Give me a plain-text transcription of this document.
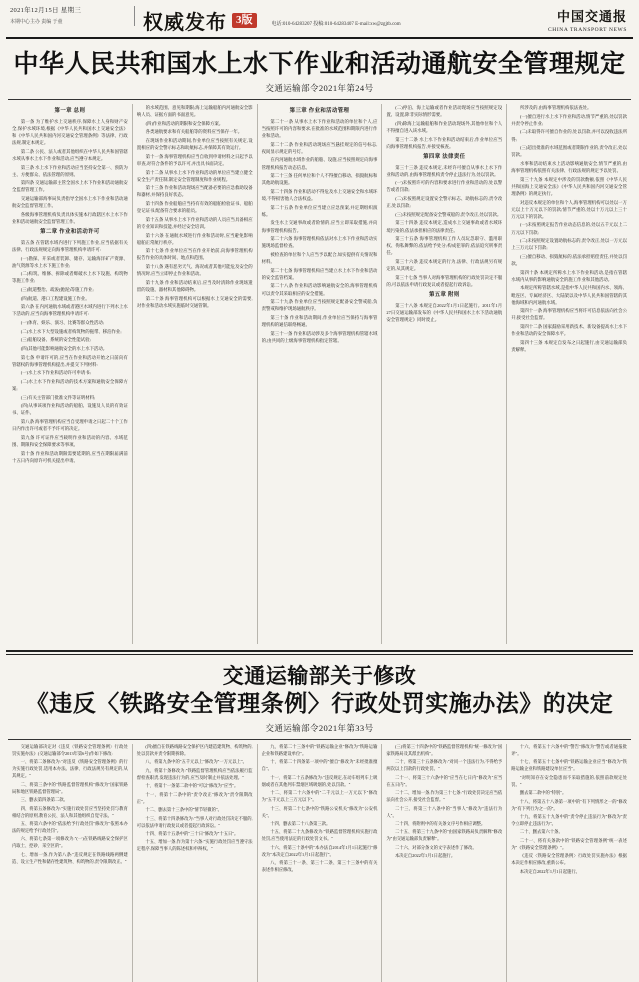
2021年12月15日 星期三
本期中心主办 责编 于童	权威发布 3版	电话:010-64283207 投稿:010-64283407 E-mail:xw@zgjtb.com
中国交通报
CHINA TRANSPORT NEWS
中华人民共和国水上水下作业和活动通航安全管理规定
交通运输部令2021年第24号

第一章 总则

第一条 为了维护水上交通秩序,保障水上人身和财产安全,保护水域环境,根据《中华人民共和国水上交通安全法》和《中华人民共和国内河交通安全管理条例》等法律、行政法规,制定本规定。

第二条 公民、法人或者其他组织在中华人民共和国管辖水域从事水上水下作业和活动,应当遵守本规定。

第三条 水上水下作业和活动应当坚持安全第一、预防为主、方便群众、依法管理的原则。

第四条 交通运输部主管全国水上水下作业和活动通航安全监督管理工作。

交通运输部海事局负责指导全国水上水下作业和活动通航安全监督管理工作。

各级海事管理机构负责具体实施本行政辖区水上水下作业和活动通航安全监督管理工作。

第二章 作业和活动许可

第五条 在管辖水域内进行下列施工作业,应当依据有关法律、行政法规规定向海事管理机构申请许可:

(一)勘探、开采或者装卸、储存、运输海洋矿产资源、油气资源等水上水下施工作业;

(二)构筑、维修、拆除或者爆破水上水下设施、构筑物等施工作业;

(三)航道整治、疏浚(抛泥)等施工作业;

(四)航道、港口工程建设施工作业。

第六条 在内河通航水域或者港区水域内进行下列水上水下活动的,应当向海事管理机构申请许可:

(一)体育、娱乐、演习、比赛等群众性活动;

(二)水上水下大型设施或者构筑物的拖带、移泊作业;

(三)船舶设备、系统的安全性能试验;

(四)其他可能影响通航安全的水上水下活动。

第七条 申请许可的,应当在作业和活动开始之日前向有管辖权的海事管理机构提出,并提交下列材料:

(一)水上水下作业和活动许可申请书;

(二)水上水下作业和活动的技术方案和通航安全保障方案;

(三)有关主管部门批准文件等证明材料;

(四)从事该项作业和活动的船舶、设施及人员的有效证书、证件。

第八条 海事管理机构应当自受理申请之日起二十个工作日内作出许可或者不予许可的决定。

第九条 许可证件应当载明作业和活动的内容、水域范围、期限和安全保障要求等事项。

第十条 作业和活动期限需要延期的,应当在期限届满前十五日内向原许可机关提出申请。

的水域范围、意见和期限;海上运输船舶内河通航安全影响人员、证据方面的书面意见。

(四)作业和活动的期限和安全保障方案。

各类通航要求和有关船舶等的资料应当保存一年。

在现场作业和活动期间,作业单位应当按照有关规定,设置相应的安全警示标志和助航标志,并保障其有效运行。

第十一条 海事管理机构应当自收到申请材料之日起予以审查,对符合条件的予以许可,并出具书面决定。

第十二条 从事水上水下作业和活动的单位应当建立健全安全生产责任制,制定安全管理制度和作业规程。

第十三条 作业和活动现场应当配备必要的应急救助设备和器材,并保持良好状态。

第十四条 作业船舶应当持有有效的船舶检验证书、船舶登记证书,配备符合要求的船员。

第十五条 从事水上水下作业和活动的人员应当具备相应的专业知识和技能,并经过安全培训。

第十六条 在通航水域进行作业和活动时,应当避免影响船舶正常航行秩序。

第十七条 作业单位应当在作业开始前,向海事管理机构报告作业的具体时间、地点和范围。

第十八条 遇有恶劣天气、海况或者其他可能危及安全的情况时,应当立即停止作业和活动。

第十九条 作业和活动结束后,应当及时清除作业现场遗留的设施、器材和其他障碍物。

第二十条 海事管理机构可以根据水上交通安全的需要,对作业和活动水域实施临时交通管制。

第三章 作业和活动管理

第二十一条 从事水上水下作业和活动的单位和个人,应当按照许可的内容和要求,在批准的水域范围和期限内进行作业和活动。

第二十二条 作业和活动现场应当悬挂规定的信号标志,夜间显示规定的号灯。

在内河通航水域作业的船舶、设施,应当按照规定向海事管理机构报告动态信息。

第二十三条 任何单位和个人不得擅自移动、损毁航标和其他助航设施。

第二十四条 作业和活动不得危及水上交通安全和水域环境,不得损害他人合法权益。

第二十五条 作业单位应当建立应急预案,并定期组织演练。

发生水上交通事故或者险情的,应当立即采取措施,并向海事管理机构报告。

第二十六条 海事管理机构依法对水上水下作业和活动实施现场监督检查。

被检查的单位和个人应当予以配合,如实提供有关情况和材料。

第二十七条 海事管理机构应当建立水上水下作业和活动的安全监管档案。

第二十八条 作业和活动影响通航安全的,海事管理机构可以责令其采取相应的安全措施。

第二十九条 作业单位应当按照规定配备安全警戒船,负责警戒和维护现场通航秩序。

第三十条 作业和活动期间,作业单位应当保持与海事管理机构的通信联络畅通。

第三十一条 作业和活动涉及多个海事管理机构管辖水域的,由共同的上级海事管理机构指定管辖。

(二)停泊、海上运输或者作业活动现场应当按照规定设置、设置,除非实际情形需要。

(四)除海上运输船舶和作业活动现场外,其他单位和个人不得擅自进入该水域。

第三十二条 水上水下作业和活动结束后,作业单位应当向海事管理机构报告,并接受核查。

第四章 法律责任

第三十三条 违反本规定,未经许可擅自从事水上水下作业和活动的,由海事管理机构责令停止违法行为,处以罚款。

(一)未按照许可的内容和要求进行作业和活动的,处以警告或者罚款;

(二)未按照规定设置安全警示标志、助航标志的,责令改正,处以罚款;

(三)未按照规定配备安全警戒船的,责令改正,处以罚款。

第三十四条 违反本规定,造成水上交通事故或者水域环境污染的,依法承担相应的法律责任。

第三十五条 海事管理机构工作人员玩忽职守、滥用职权、徇私舞弊的,依法给予处分;构成犯罪的,依法追究刑事责任。

第三十六条 违反本规定的行为,法律、行政法规另有规定的,从其规定。

第三十七条 当事人对海事管理机构的行政处罚决定不服的,可以依法申请行政复议或者提起行政诉讼。

第五章 附则

第三十八条 本规定自2022年1月1日起施行。2011年1月27日交通运输部发布的《中华人民共和国水上水下活动通航安全管理规定》同时废止。

所涉及的,由海事管理机构依法查处。

(一)擅自进行水上水下作业和活动,情节严重的,处以罚款并责令停止作业;

(二)未取得许可擅自作业的,处以罚款,并可以没收违法所得;

(三)超出批准的水域范围或者期限作业的,责令改正,处以罚款。

水事和活动结束水上活动影响通航安全,情节严重的,由海事管理机构依照有关法律、行政法规的规定予以处罚。

第三十九条 本规定中涉及的罚款数额,依照《中华人民共和国海上交通安全法》《中华人民共和国内河交通安全管理条例》的规定执行。

对违反本规定的单位和个人,海事管理机构可以处以一万元以上十万元以下的罚款;情节严重的,处以十万元以上三十万元以下的罚款。

(一)未按照规定报告作业动态信息的,处以五千元以上二万元以下罚款;

(二)未按照规定设置助航标志的,责令改正,处以一万元以上三万元以下罚款;

(三)擅自移动、损毁航标的,依法承担赔偿责任,并处以罚款。

第四十条 本规定所称水上水下作业和活动,是指在管辖水域内从事的影响通航安全的施工作业和其他活动。

本规定所称管辖水域,是指中华人民共和国内水、领海、毗连区、专属经济区、大陆架以及中华人民共和国管辖的其他海域和内河通航水域。

第四十一条 海事管理机构应当将许可信息依法向社会公开,接受社会监督。

第四十二条 国家鼓励采用新技术、新设备提高水上水下作业和活动的安全保障水平。

第四十三条 本规定自发布之日起施行,由交通运输部负责解释。

交通运输部关于修改
《违反〈铁路安全管理条例〉行政处罚实施办法》的决定
交通运输部令2021年第33号

交通运输部决定对《违反〈铁路安全管理条例〉行政处罚实施办法》(交通运输部令2013年第6号)作如下修改:

一、将第二条修改为:"对违反《铁路安全管理条例》的行为实施行政处罚,适用本办法。法律、行政法规另有规定的,从其规定。"

二、将第三条中的"铁路监督管理机构"修改为"国家铁路局和地区铁路监督管理局"。

三、删去第四条第二款。

四、将第五条修改为:"实施行政处罚应当坚持处罚与教育相结合的原则,教育公民、法人和其他组织自觉守法。"

五、将第六条中的"依法给予行政处罚"修改为"依照本办法的规定给予行政处罚"。

六、将第七条第一项修改为:"(一)在铁路线路安全保护区内取土、挖砂、采空区的"。

七、增加一条,作为第八条:"违反规定在铁路线路两侧建造、设立生产性和储存性建筑物、构筑物的,责令限期改正。"

(四)擅自在铁路线路安全保护区内建造建筑物、构筑物的,处以罚款并责令限期拆除。

八、将第九条中的"五千元以上"修改为"一万元以上"。

九、将第十条修改为:"铁路监督管理机构应当依法履行监督检查职责,发现违法行为的,应当及时制止并依法处理。"

十、将第十一条第二款中的"可以"修改为"应当"。

十一、将第十二条中的"责令改正"修改为"责令限期改正"。

十二、删去第十三条中的"情节轻微的"。

十三、将第十四条修改为:"当事人对行政处罚决定不服的,可以依法申请行政复议或者提起行政诉讼。"

十四、将第十五条中的"三十日"修改为"十五日"。

十五、增加一条,作为第十六条:"实施行政处罚应当遵守法定程序,保障当事人的陈述权和申辩权。"

九、将第二十三条中的"铁路运输企业"修改为"铁路运输企业和铁路建设单位"。

十、将第二十四条第一项中的"擅自"修改为"未经批准擅自"。

十一、将第二十五条修改为:"违反规定,在动车组列车上吸烟或者在其他列车禁烟区域吸烟的,处以罚款。"

十二、将第二十六条中的"二千元以上一万元以下"修改为"五千元以上三万元以下"。

十三、将第二十七条中的"铁路公安机关"修改为"公安机关"。

十四、删去第二十八条第三款。

十五、将第二十九条修改为:"铁路监督管理机构实施行政处罚,应当使用法定的行政处罚文书。"

十六、将第三十条中的"本办法自2014年1月1日起施行"修改为"本决定自2022年1月1日起施行"。

八、将第三十一条、第三十二条、第三十三条中的有关表述作相应修改。

(三)将第三十四条中的"铁路监督管理机构"统一修改为"国家铁路局及其派出机构"。

二十、将第三十五条修改为:"对同一个违法行为,不得给予两次以上罚款的行政处罚。"

二十一、将第三十六条中的"应当在七日内"修改为"应当在五日内"。

二十二、增加一条,作为第三十七条:"行政处罚决定应当依法向社会公开,接受社会监督。"

二十三、将第三十八条中的"当事人"修改为"违法行为人"。

二十四、将附则中的有关条文序号作相应调整。

二十五、将第三十九条中的"由国家铁路局负责解释"修改为"由交通运输部负责解释"。

二十六、对部分条文的文字表述作了修改。

本决定自2022年1月1日起施行。

十六、将第五十六条中的"警告"修改为"警告或者通报批评"。

十七、将第五十七条中的"铁路运输企业应当"修改为"铁路运输企业和铁路建设单位应当"。

"对明知存在安全隐患而不采取措施的,依照前款规定处罚。"

删去第二款中的"特别"。

十八、将第五十八条第一项中的"有下列情形之一的"修改为"有下列行为之一的"。

十九、将第五十九条中的"责令停止违法行为"修改为"责令立即停止违法行为"。

二十、删去第六十条。

二十一、将有关条款中的"铁路安全管理条例"统一表述为"《铁路安全管理条例》"。

《违反〈铁路安全管理条例〉行政处罚实施办法》根据本决定作相应修改,重新公布。

本决定自2022年1月1日起施行。
